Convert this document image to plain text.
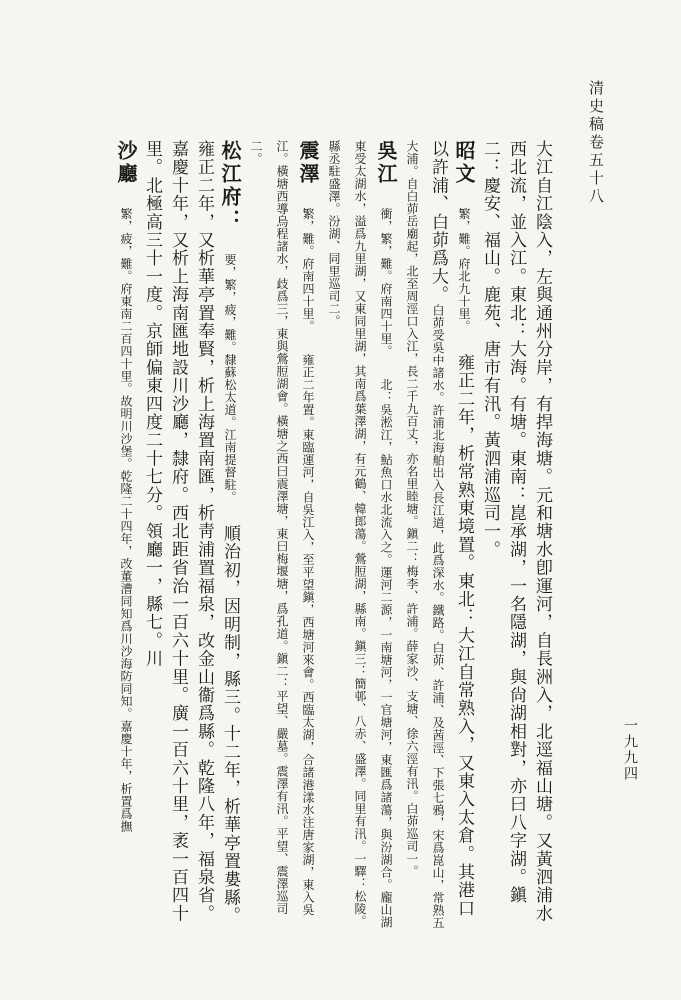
清史稿卷五十八
一九九四
大江自江陰入，左與通州分岸，有捍海塘。元和塘水卽運河，自長洲入，北逕福山塘。又黃泗浦水西北流，並入江。東北：大海。有塘。東南：崑承湖，一名隱湖，與尙湖相對，亦曰八字湖。鎭二：慶安、福山。鹿苑、唐市有汛。黃泗浦巡司一。
昭文 繁，難。府北九十里。 雍正二年，析常熟東境置。東北：大江自常熟入，又東入太倉。其港口以許浦、白茆爲大。白茆受吳中諸水。許浦北海舶出入長江道，此爲深水。鐵路。白茆、許浦、及茜涇、下張七鴉，宋爲崑山，常熟五大浦。自白茆岳廟起，北至周涇口入江，長二千九百丈，亦名里睦塘。鎭二：梅李、許浦。薛家沙、支塘、徐六涇有汛。白茆巡司一。
吳江 衝，繁，難。府南四十里。 北：吳淞江，鮎魚口水北流入之。運河二源，一南塘河，一官塘河，東匯爲諸蕩，與汾湖合。龐山湖東受太湖水，溢爲九里湖，又東同里湖，其南爲葉澤湖，有元鶴、韓郎蕩。鶯脰湖，縣南。鎭三：簡邨、八赤、盛澤。同里有汛。一驛：松陵。縣丞駐盛澤。汾湖、同里巡司二。
震澤 繁，難。府南四十里。 雍正二年置。東臨運河，自吳江入，至平望鎭，西塘河來會。西臨太湖，合諸港漾水注唐家湖，東入吳江。橫塘西導烏程諸水，歧爲三，東與鶯脰湖會。橫塘之西曰震澤塘，東曰梅堰塘，爲孔道。鎭二：平望、嚴墓。震澤有汛。平望、震澤巡司二。
松江府： 要，繁，疲，難。隸蘇松太道。江南提督駐。 順治初，因明制，縣三。十二年，析華亭置婁縣。雍正二年，又析華亭置奉賢，析上海置南匯，析靑浦置福泉，改金山衞爲縣。乾隆八年，福泉省。嘉慶十年，又析上海南匯地設川沙廳，隸府。西北距省治一百六十里。廣一百六十里，袤一百四十里。北極高三十一度。京師偏東四度二十七分。領廳一，縣七。川
沙廳 繁，疲，難。府東南二百四十里。故明川沙堡。乾隆二十四年，改董漕同知爲川沙海防同知。嘉慶十年，析置爲撫
